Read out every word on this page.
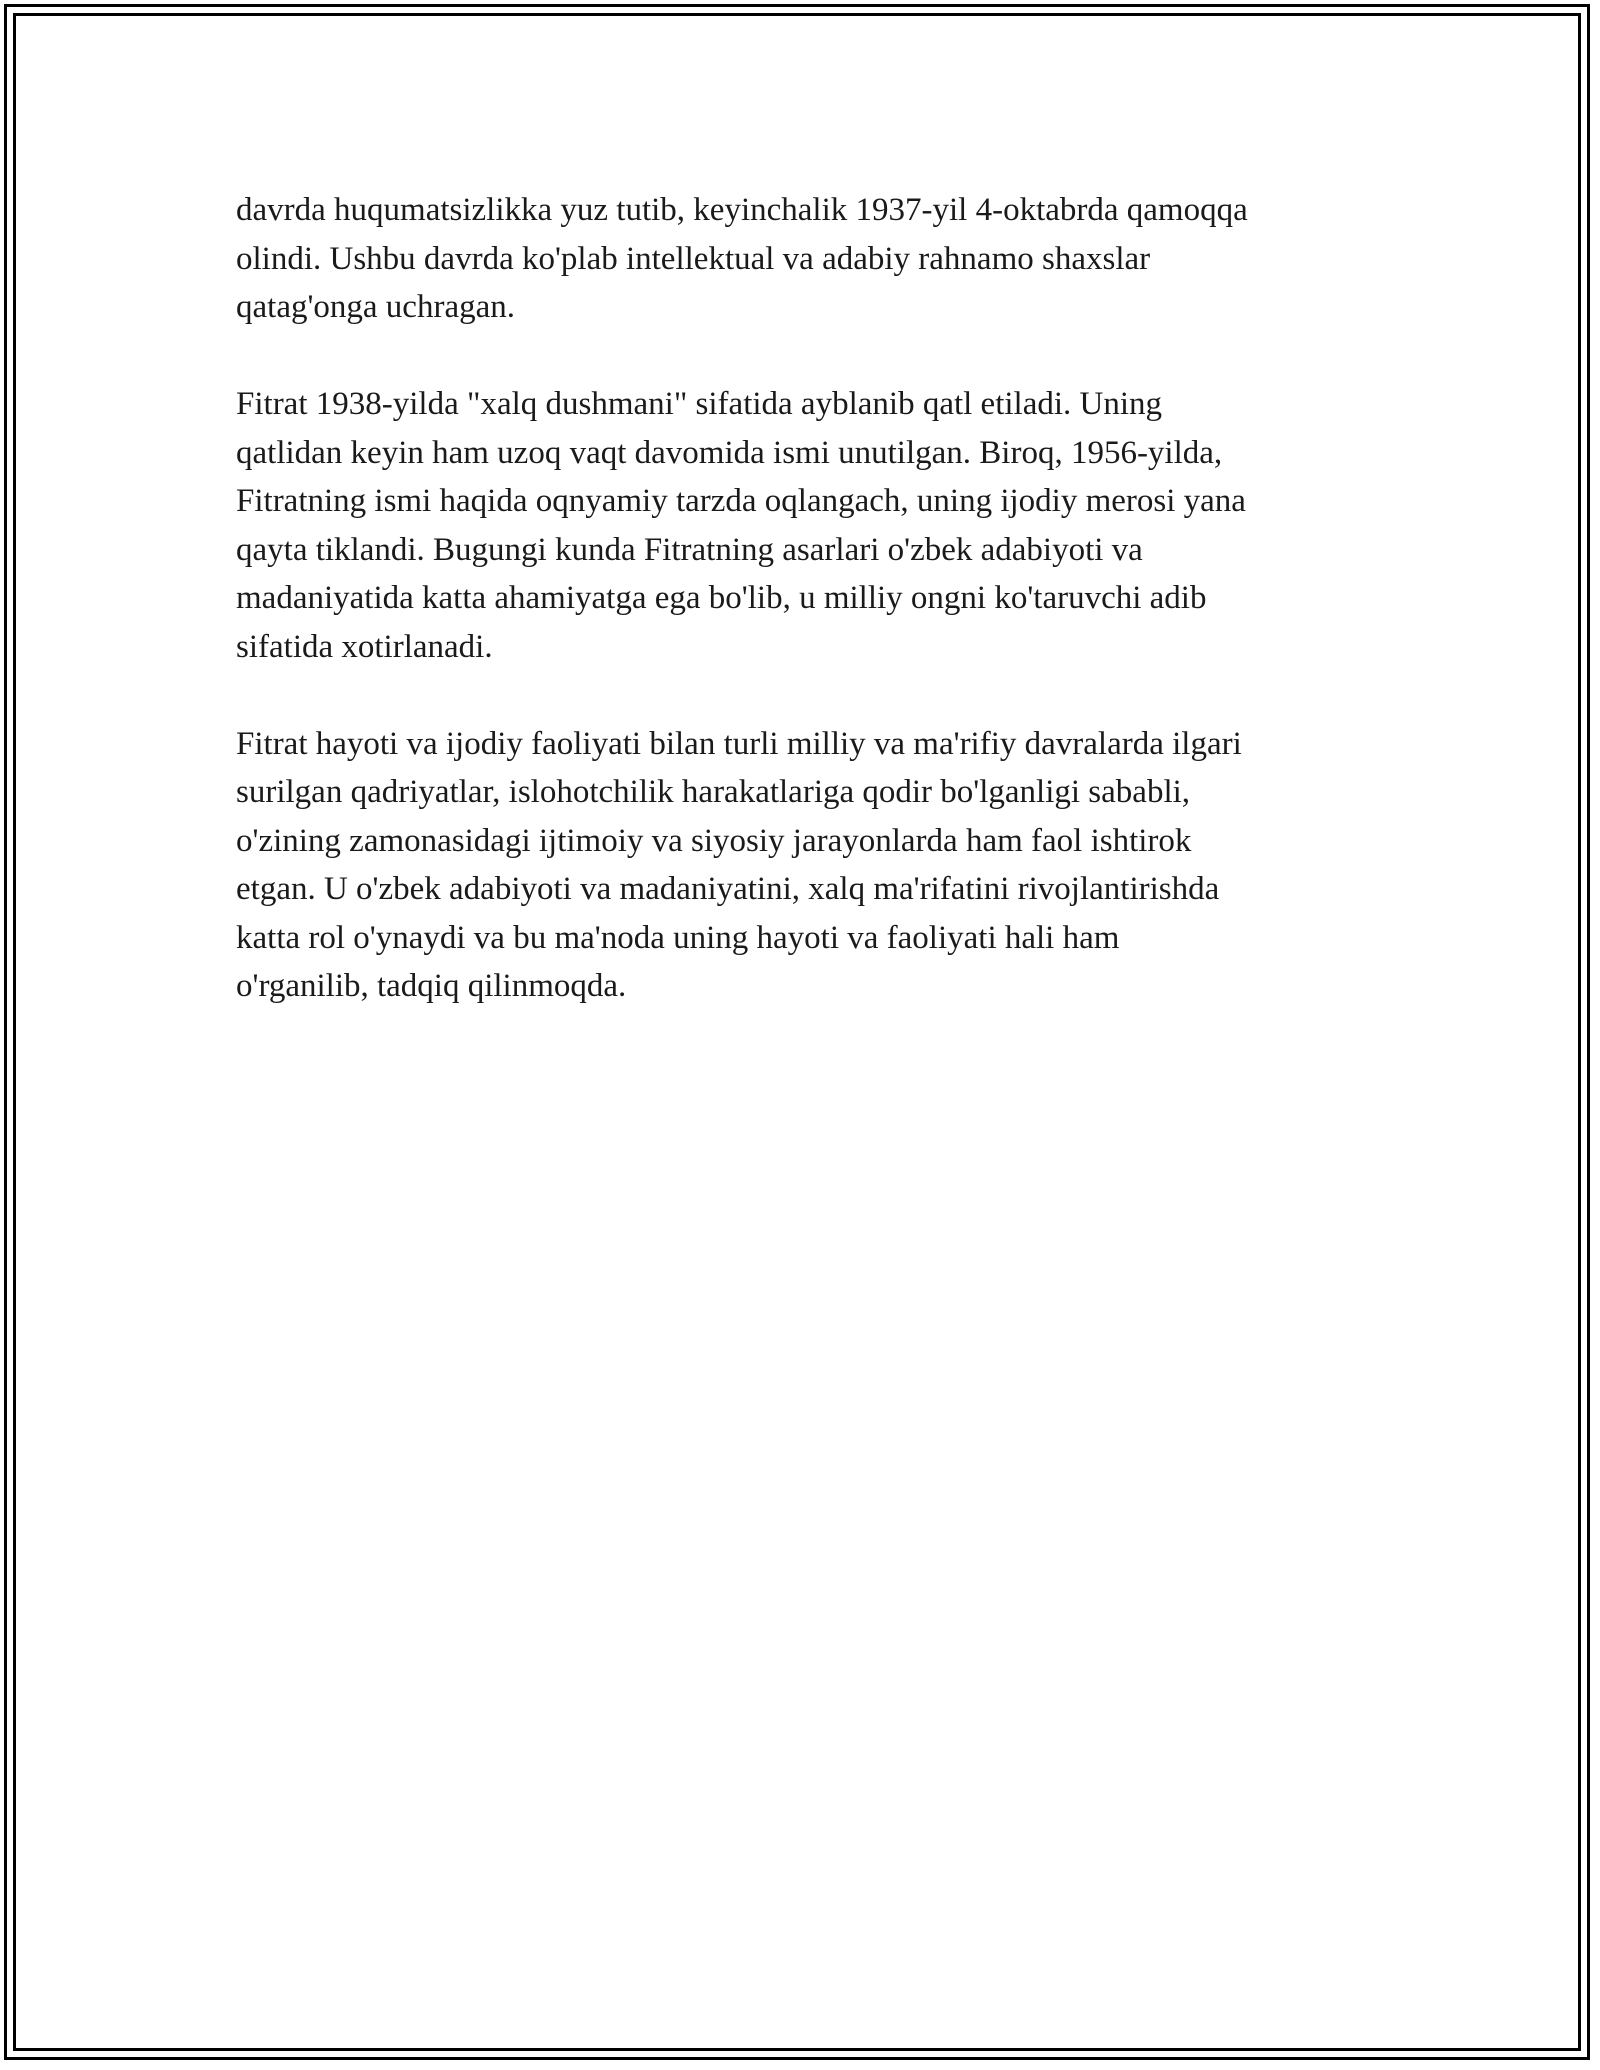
davrda huqumatsizlikka yuz tutib, keyinchalik 1937-yil 4-oktabrda qamoqqa
olindi. Ushbu davrda ko'plab intellektual va adabiy rahnamo shaxslar
qatag'onga uchragan.

Fitrat 1938-yilda "xalq dushmani" sifatida ayblanib qatl etiladi. Uning
qatlidan keyin ham uzoq vaqt davomida ismi unutilgan. Biroq, 1956-yilda,
Fitratning ismi haqida oqnyamiy tarzda oqlangach, uning ijodiy merosi yana
qayta tiklandi. Bugungi kunda Fitratning asarlari o'zbek adabiyoti va
madaniyatida katta ahamiyatga ega bo'lib, u milliy ongni ko'taruvchi adib
sifatida xotirlanadi.

Fitrat hayoti va ijodiy faoliyati bilan turli milliy va ma'rifiy davralarda ilgari
surilgan qadriyatlar, islohotchilik harakatlariga qodir bo'lganligi sababli,
o'zining zamonasidagi ijtimoiy va siyosiy jarayonlarda ham faol ishtirok
etgan. U o'zbek adabiyoti va madaniyatini, xalq ma'rifatini rivojlantirishda
katta rol o'ynaydi va bu ma'noda uning hayoti va faoliyati hali ham
o'rganilib, tadqiq qilinmoqda.
